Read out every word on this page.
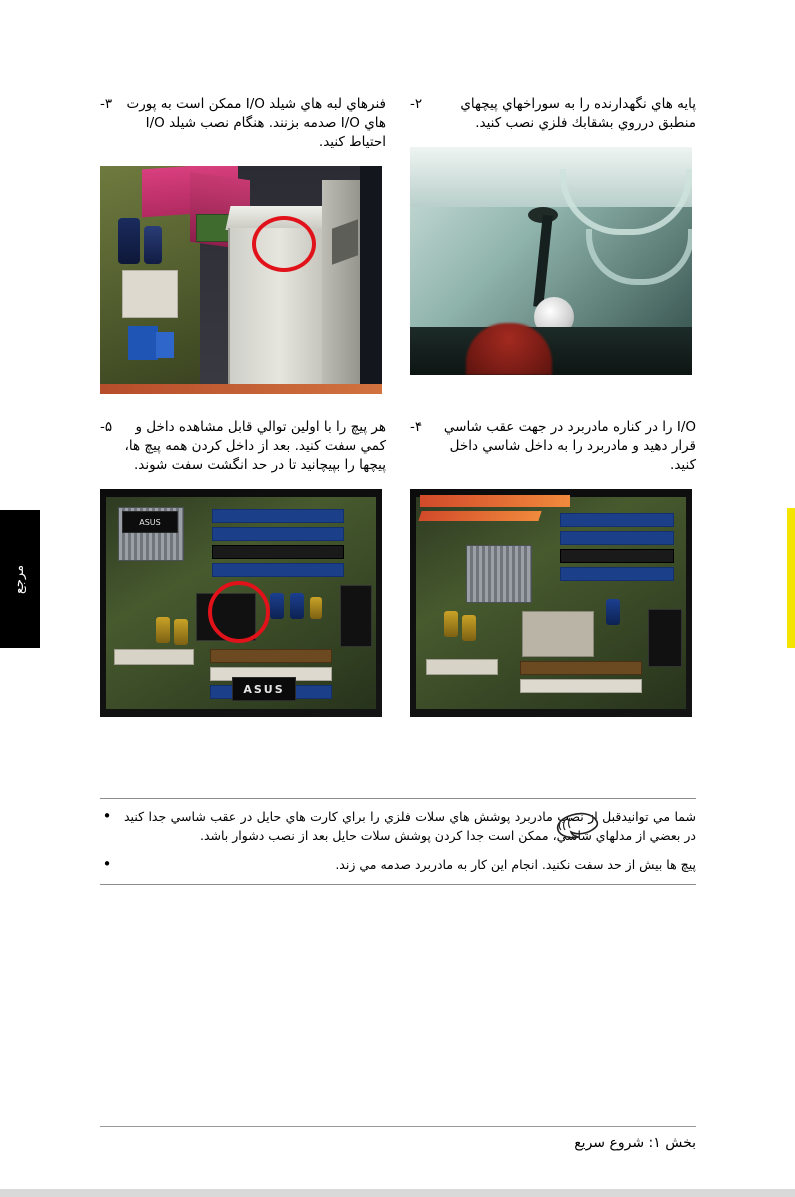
مرجع
۳-	فنرهاي لبه هاي شيلد I/O ممكن است به پورت هاي I/O صدمه بزنند. هنگام نصب شيلد I/O احتياط كنيد.
۲-	پايه هاي نگهدارنده را به سوراخهاي پيچهاي منطبق درروي بشقابك فلزي نصب كنيد.
۵-	هر پيچ را با اولين توالي قابل مشاهده داخل و كمي سفت كنيد. بعد از داخل كردن همه پيچ ها، پيچها را بپيچانيد تا در حد انگشت سفت شوند.
ASUS
ASUS
۴-	I/O را در كناره مادربرد در جهت عقب شاسي قرار دهيد و مادربرد را به داخل شاسي داخل كنيد.
• شما مي توانيدقبل از نصب مادربرد پوشش هاي سلات فلزي را براي كارت هاي حايل در عقب شاسي جدا كنيد در بعضي از مدلهاي شاسي، ممكن است جدا كردن پوشش سلات حايل بعد از نصب دشوار باشد.
•	پيچ ها بيش از حد سفت نكنيد. انجام اين كار به مادربرد صدمه مي زند.
بخش ۱: شروع سريع
